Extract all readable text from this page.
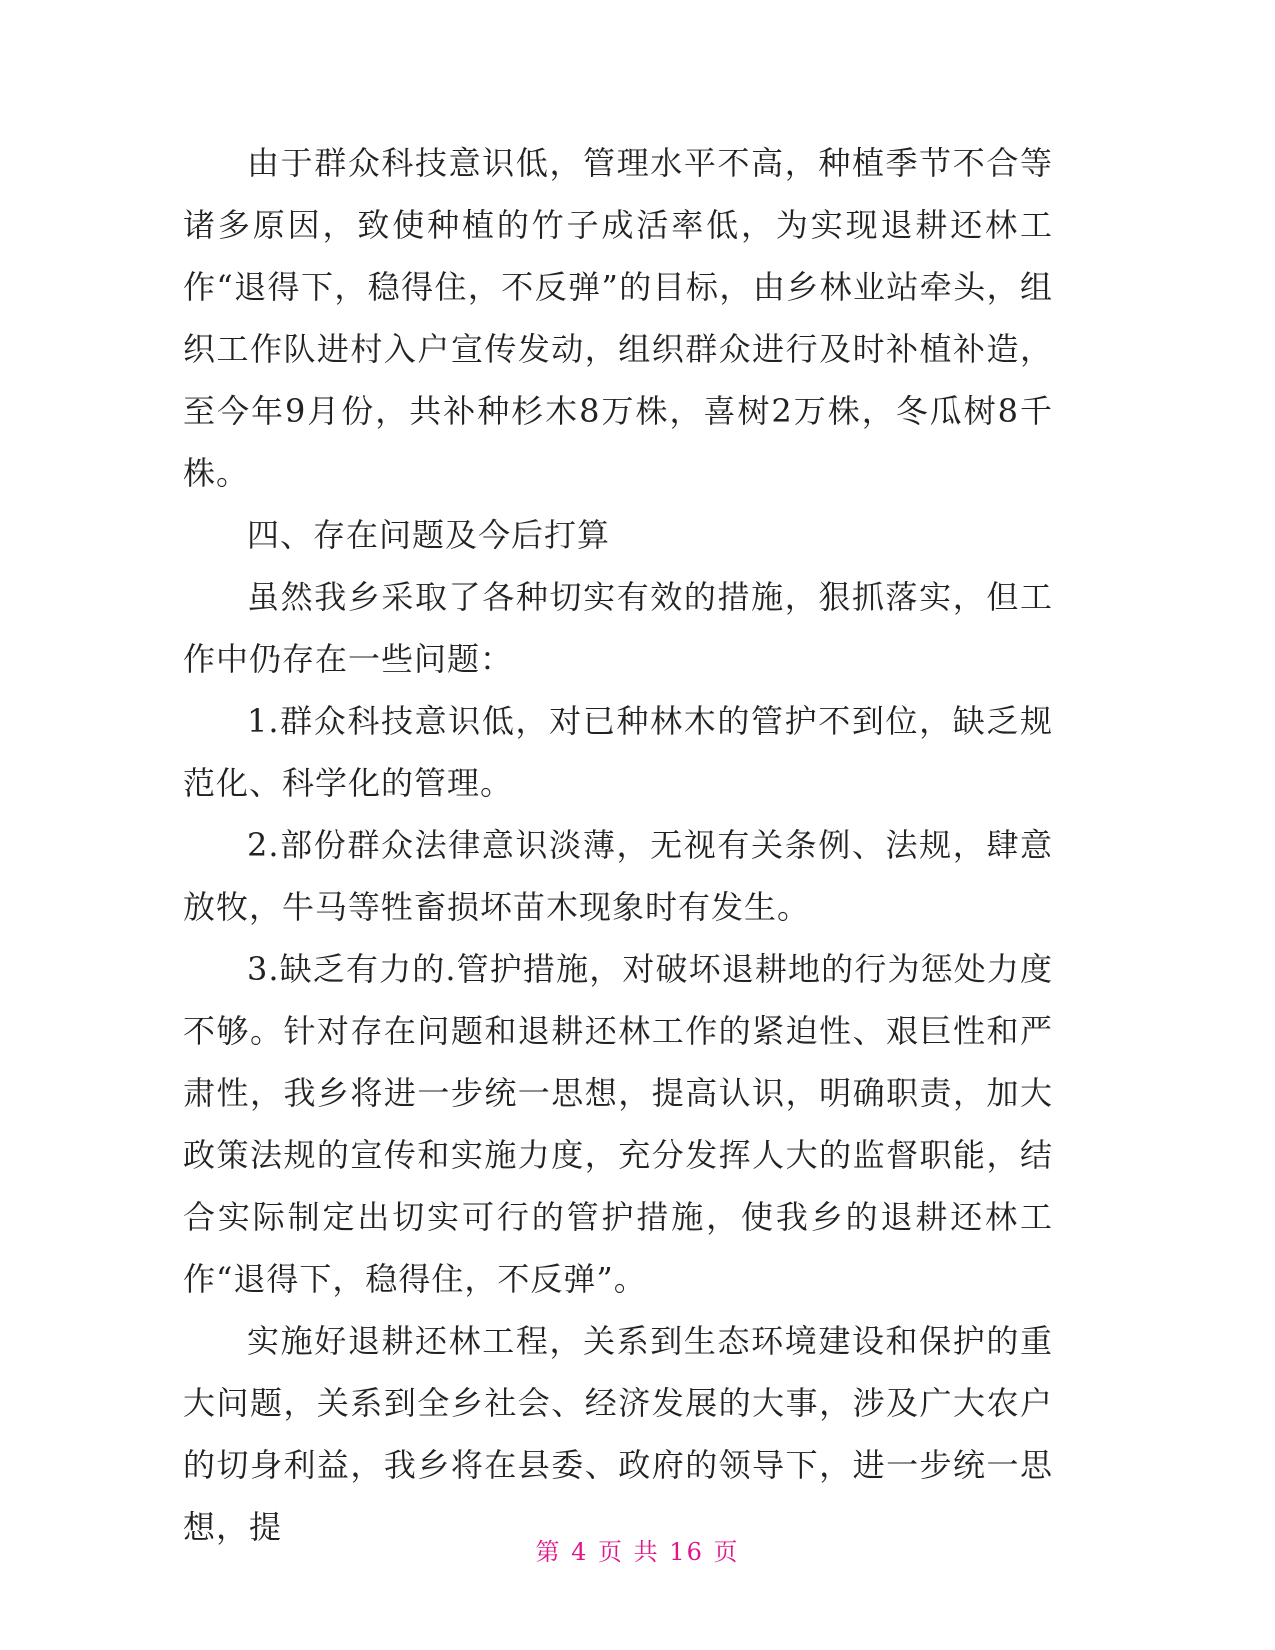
由于群众科技意识低，管理水平不高，种植季节不合等诸多原因，致使种植的竹子成活率低，为实现退耕还林工作“退得下，稳得住，不反弹”的目标，由乡林业站牵头，组织工作队进村入户宣传发动，组织群众进行及时补植补造，至今年9月份，共补种杉木8万株，喜树2万株，冬瓜树8千株。

四、存在问题及今后打算

虽然我乡采取了各种切实有效的措施，狠抓落实，但工作中仍存在一些问题：

1.群众科技意识低，对已种林木的管护不到位，缺乏规范化、科学化的管理。

2.部份群众法律意识淡薄，无视有关条例、法规，肆意放牧，牛马等牲畜损坏苗木现象时有发生。

3.缺乏有力的.管护措施，对破坏退耕地的行为惩处力度不够。针对存在问题和退耕还林工作的紧迫性、艰巨性和严肃性，我乡将进一步统一思想，提高认识，明确职责，加大政策法规的宣传和实施力度，充分发挥人大的监督职能，结合实际制定出切实可行的管护措施，使我乡的退耕还林工作“退得下，稳得住，不反弹”。

实施好退耕还林工程，关系到生态环境建设和保护的重大问题，关系到全乡社会、经济发展的大事，涉及广大农户的切身利益，我乡将在县委、政府的领导下，进一步统一思想，提

第 4 页 共 16 页
